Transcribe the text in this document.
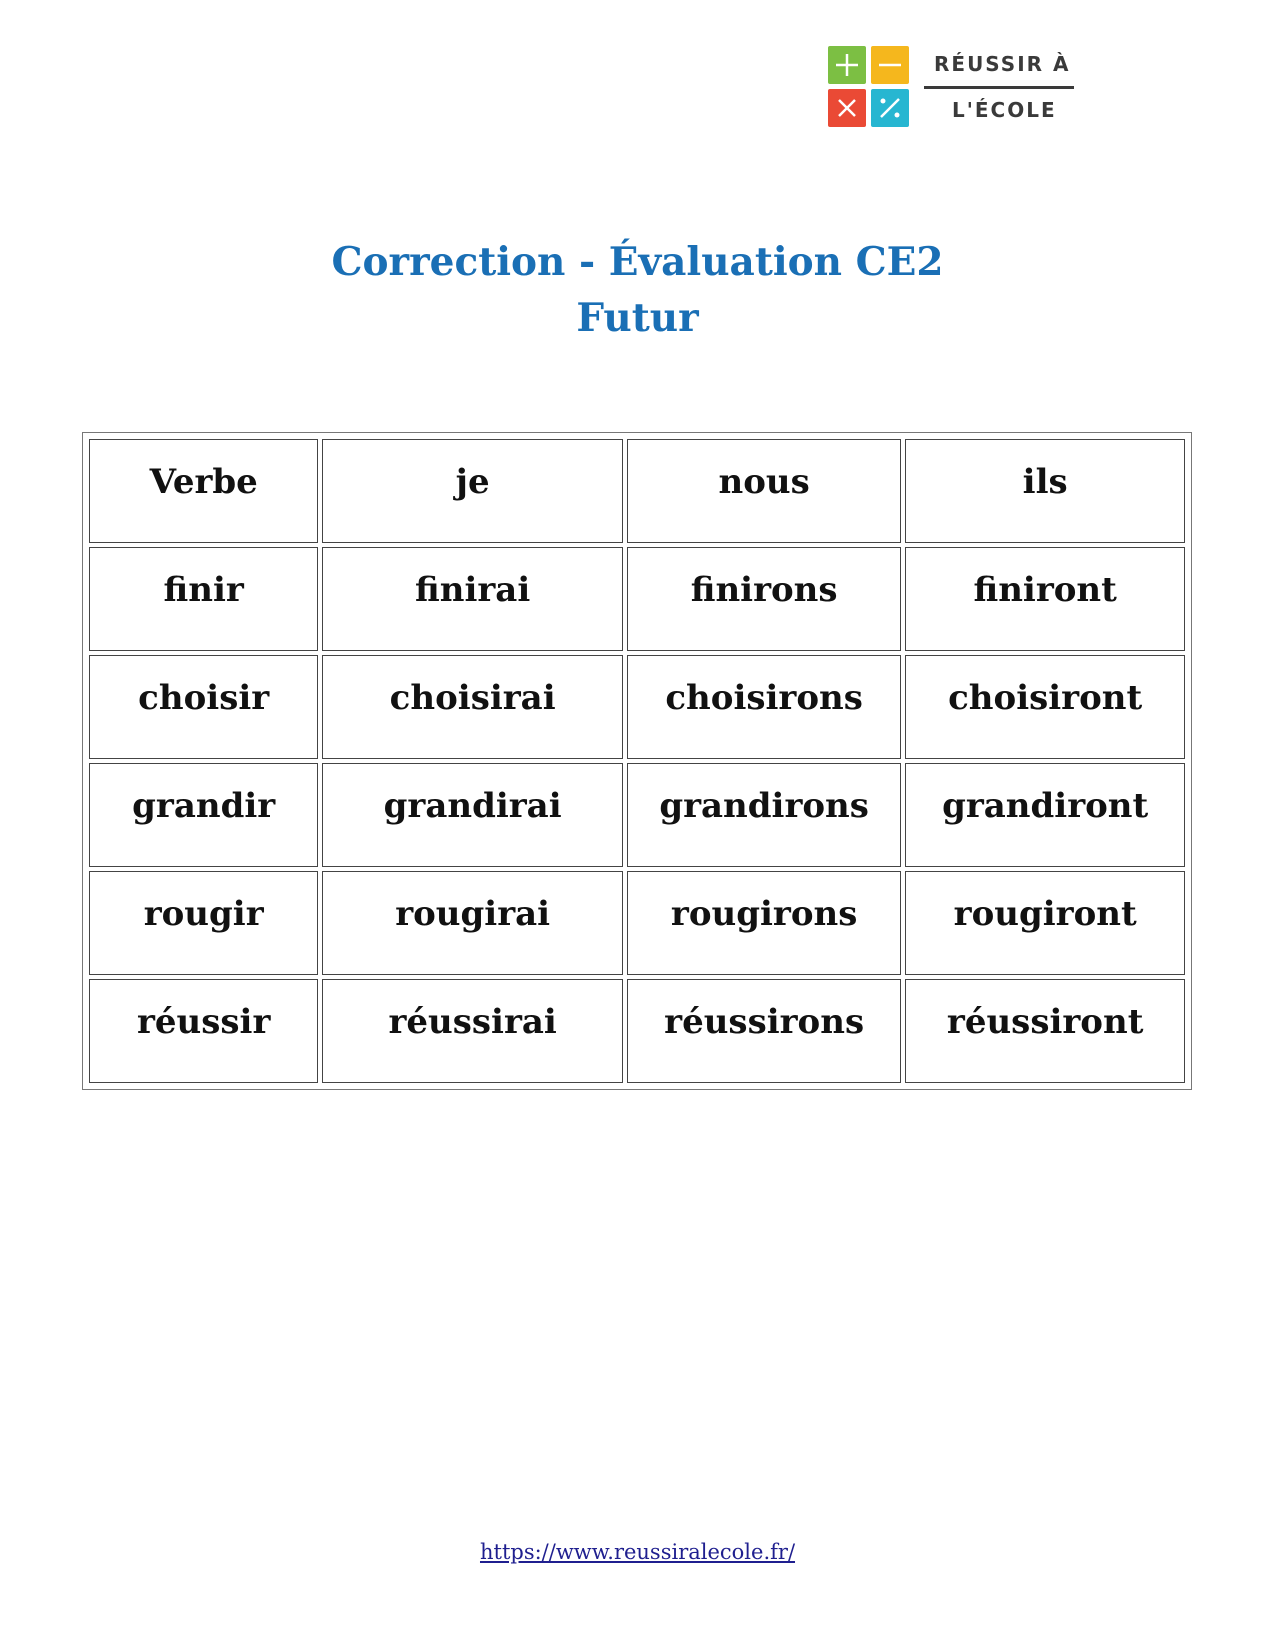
RÉUSSIR À
L'ÉCOLE
Correction - Évaluation CE2
Futur
Verbe	je	nous	ils
finir	finirai	finirons	finiront
choisir	choisirai	choisirons	choisiront
grandir	grandirai	grandirons	grandiront
rougir	rougirai	rougirons	rougiront
réussir	réussirai	réussirons	réussiront
https://www.reussiralecole.fr/
